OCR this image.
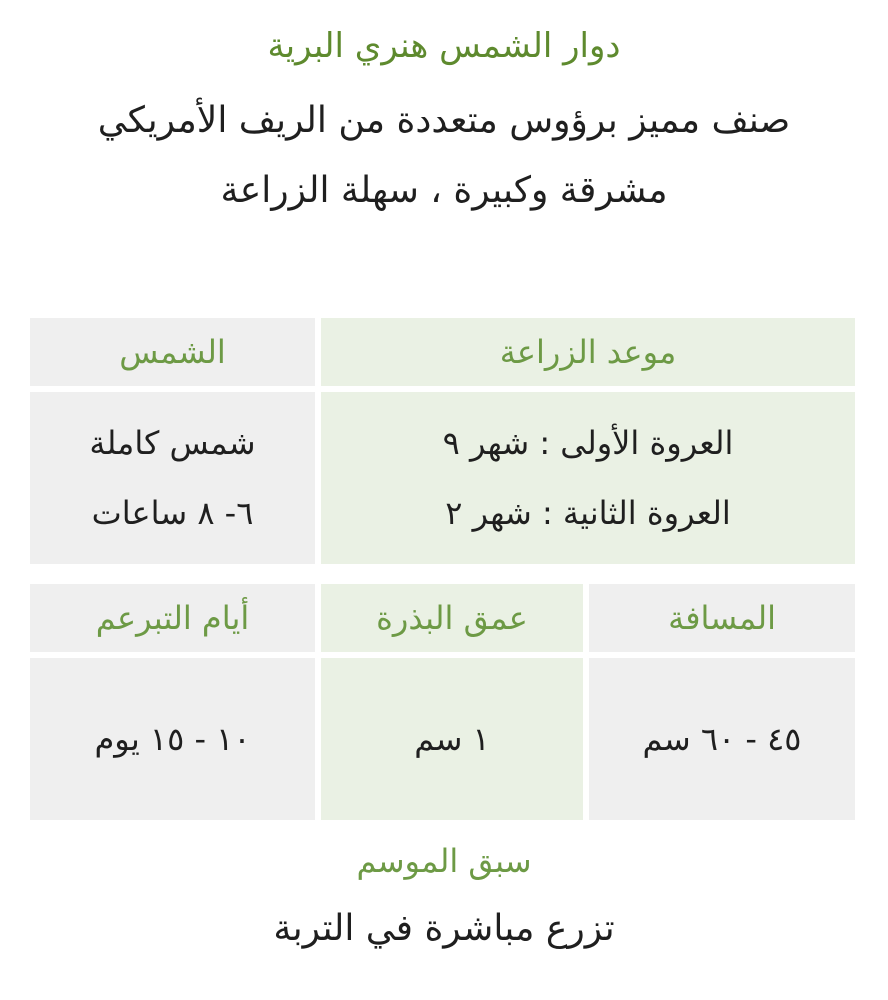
دوار الشمس هنري البرية
صنف مميز برؤوس متعددة من الريف الأمريكي
مشرقة وكبيرة ، سهلة الزراعة
موعد الزراعة
الشمس
العروة الأولى : شهر ٩
العروة الثانية : شهر ٢
شمس كاملة
٦- ٨ ساعات
المسافة
عمق البذرة
أيام التبرعم
٤٥ - ٦٠ سم
١ سم
١٠ - ١٥ يوم
سبق الموسم
تزرع مباشرة في التربة
